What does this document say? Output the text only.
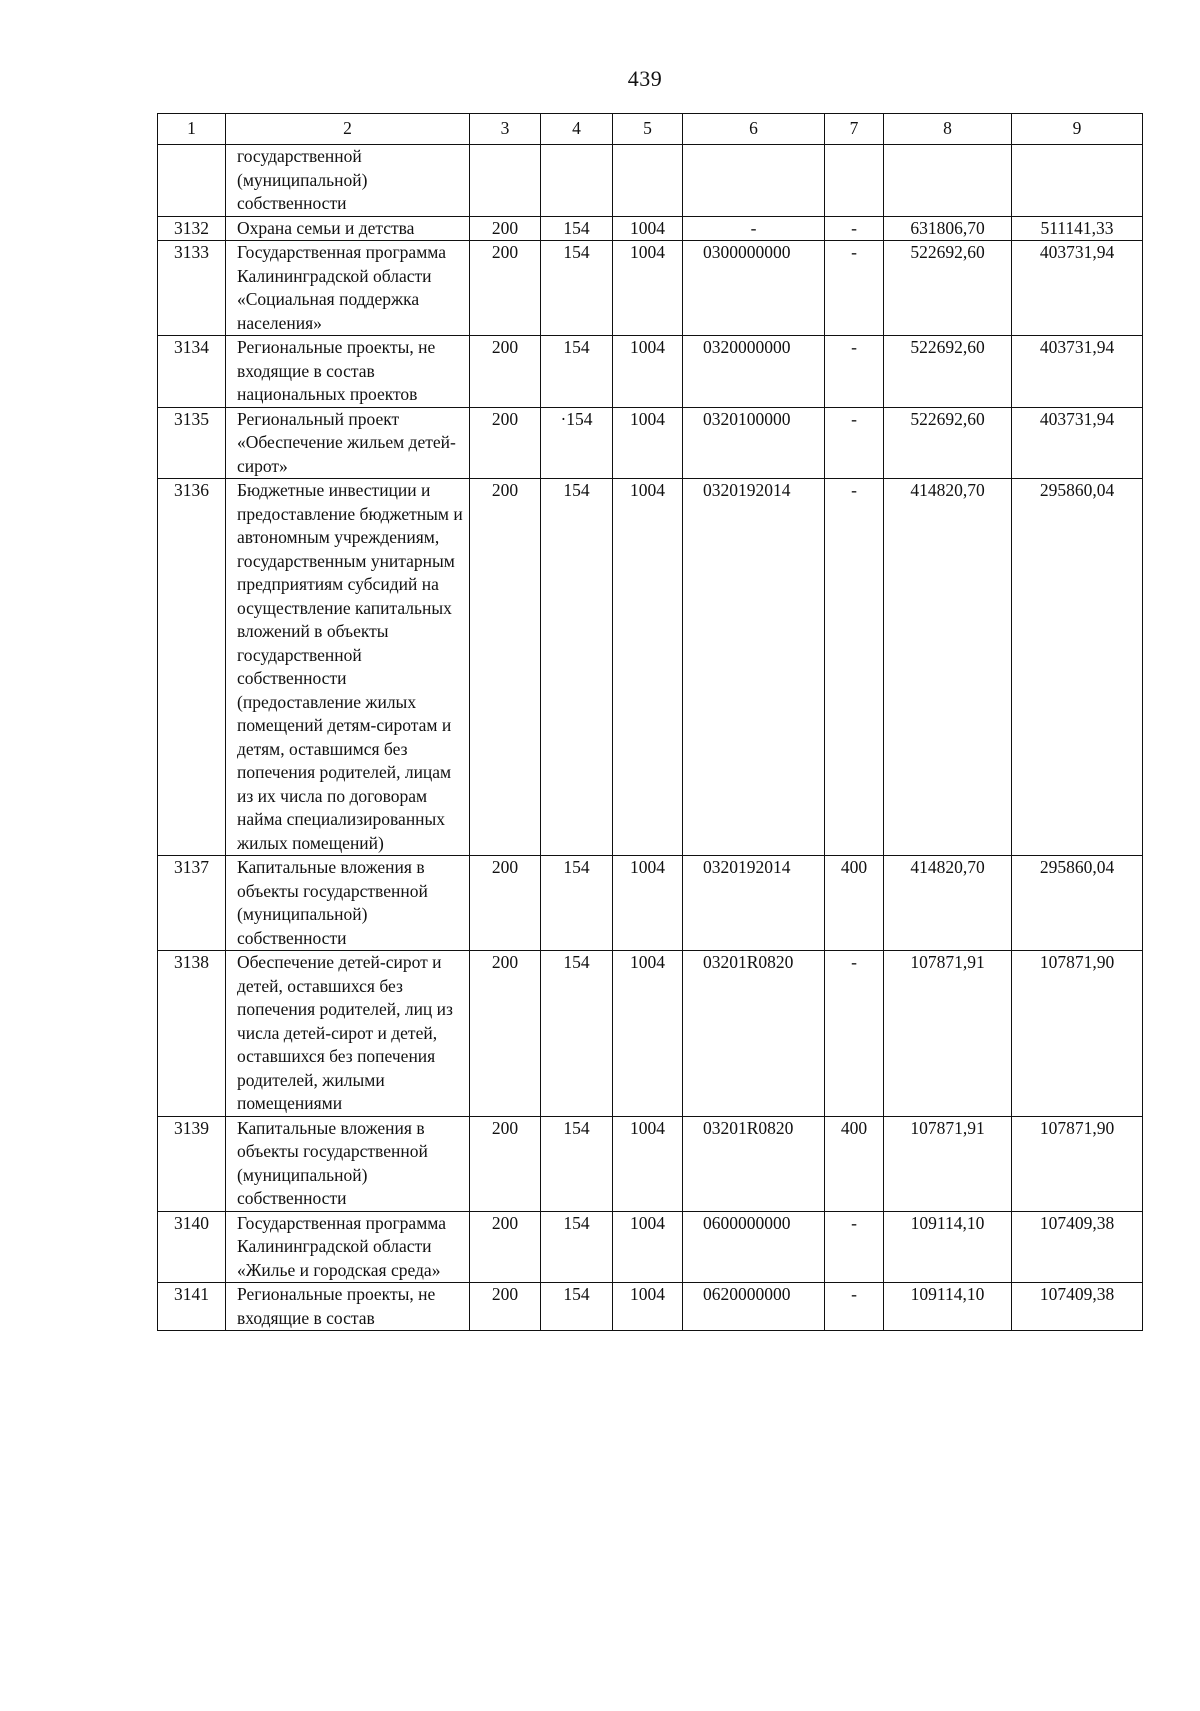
439
1	2	3	4	5	6	7	8	9
	государственной (муниципальной) собственности							
3132	Охрана семьи и детства	200	154	1004	-	-	631806,70	511141,33
3133	Государственная программа Калининградской области «Социальная поддержка населения»	200	154	1004	0300000000	-	522692,60	403731,94
3134	Региональные проекты, не входящие в состав национальных проектов	200	154	1004	0320000000	-	522692,60	403731,94
3135	Региональный проект «Обеспечение жильем детей-сирот»	200	·154	1004	0320100000	-	522692,60	403731,94
3136	Бюджетные инвестиции и предоставление бюджетным и автономным учреждениям, государственным унитарным предприятиям субсидий на осуществление капитальных вложений в объекты государственной собственности (предоставление жилых помещений детям-сиротам и детям, оставшимся без попечения родителей, лицам из их числа по договорам найма специализированных жилых помещений)	200	154	1004	0320192014	-	414820,70	295860,04
3137	Капитальные вложения в объекты государственной (муниципальной) собственности	200	154	1004	0320192014	400	414820,70	295860,04
3138	Обеспечение детей-сирот и детей, оставшихся без попечения родителей, лиц из числа детей-сирот и детей, оставшихся без попечения родителей, жилыми помещениями	200	154	1004	03201R0820	-	107871,91	107871,90
3139	Капитальные вложения в объекты государственной (муниципальной) собственности	200	154	1004	03201R0820	400	107871,91	107871,90
3140	Государственная программа Калининградской области «Жилье и городская среда»	200	154	1004	0600000000	-	109114,10	107409,38
3141	Региональные проекты, не входящие в состав	200	154	1004	0620000000	-	109114,10	107409,38
